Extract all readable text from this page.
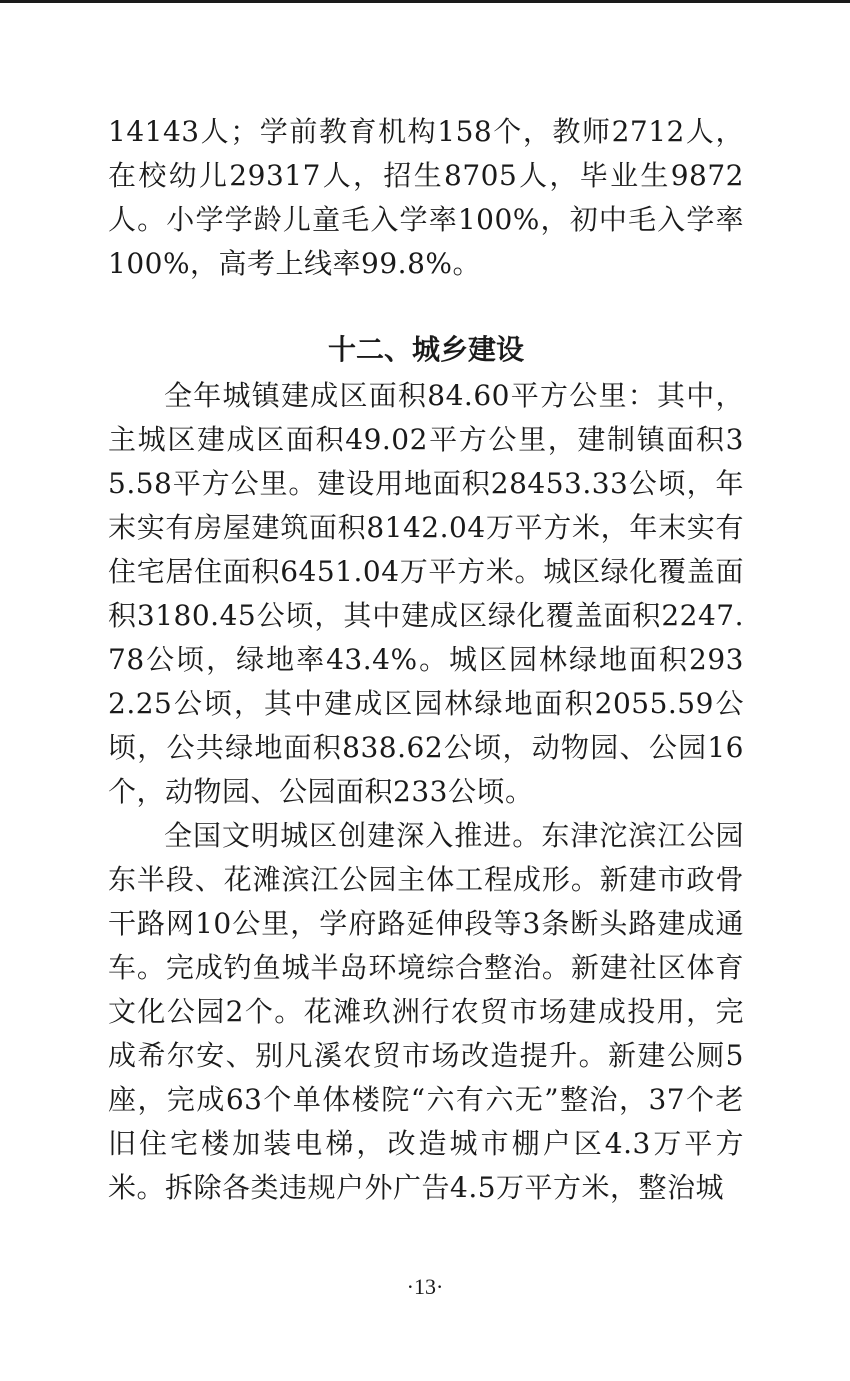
14143人；学前教育机构158个，教师2712人，在校幼儿29317人，招生8705人，毕业生9872人。小学学龄儿童毛入学率100%，初中毛入学率100%，高考上线率99.8%。

十二、城乡建设

全年城镇建成区面积84.60平方公里：其中，主城区建成区面积49.02平方公里，建制镇面积35.58平方公里。建设用地面积28453.33公顷，年末实有房屋建筑面积8142.04万平方米，年末实有住宅居住面积6451.04万平方米。城区绿化覆盖面积3180.45公顷，其中建成区绿化覆盖面积2247.78公顷，绿地率43.4%。城区园林绿地面积2932.25公顷，其中建成区园林绿地面积2055.59公顷，公共绿地面积838.62公顷，动物园、公园16个，动物园、公园面积233公顷。

全国文明城区创建深入推进。东津沱滨江公园东半段、花滩滨江公园主体工程成形。新建市政骨干路网10公里，学府路延伸段等3条断头路建成通车。完成钓鱼城半岛环境综合整治。新建社区体育文化公园2个。花滩玖洲行农贸市场建成投用，完成希尔安、别凡溪农贸市场改造提升。新建公厕5座，完成63个单体楼院“六有六无”整治，37个老旧住宅楼加装电梯，改造城市棚户区4.3万平方米。拆除各类违规户外广告4.5万平方米，整治城

·13·
